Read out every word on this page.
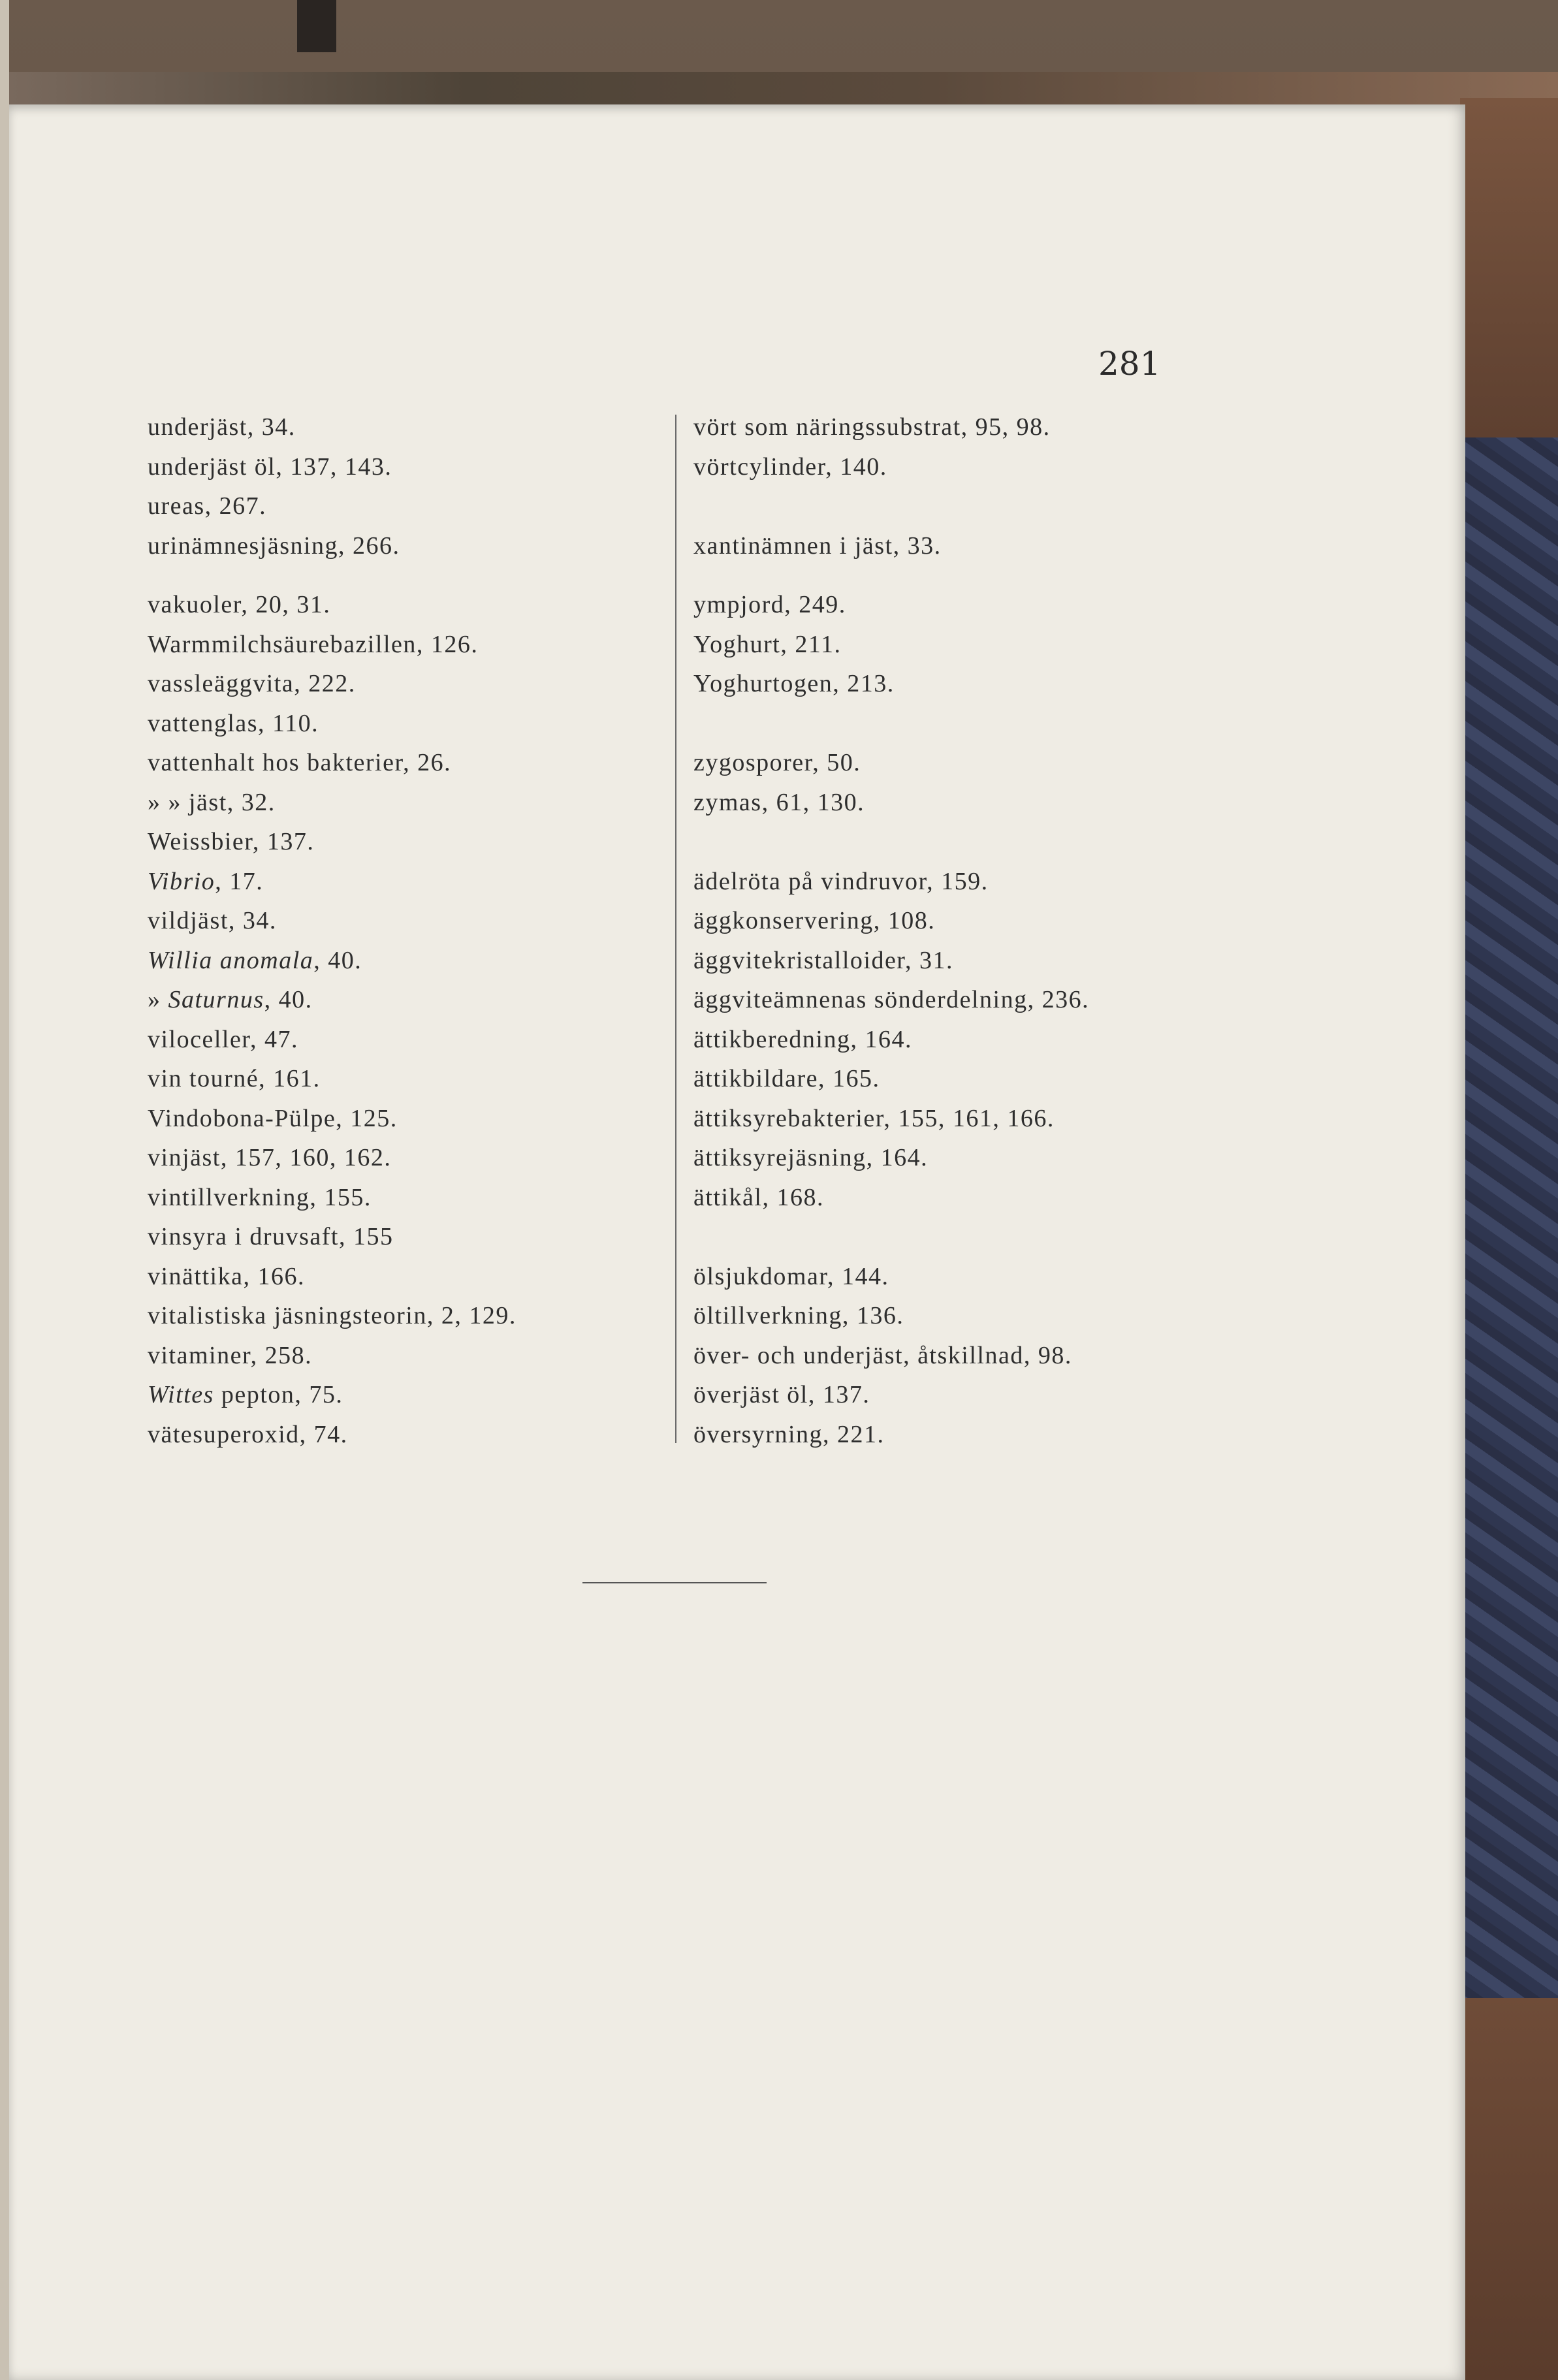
281
underjäst, 34.
underjäst öl, 137, 143.
ureas, 267.
urinämnesjäsning, 266.
vakuoler, 20, 31.
Warmmilchsäurebazillen, 126.
vassleäggvita, 222.
vattenglas, 110.
vattenhalt hos bakterier, 26.
» » jäst, 32.
Weissbier, 137.
Vibrio, 17.
vildjäst, 34.
Willia anomala, 40.
» Saturnus, 40.
viloceller, 47.
vin tourné, 161.
Vindobona-Pülpe, 125.
vinjäst, 157, 160, 162.
vintillverkning, 155.
vinsyra i druvsaft, 155
vinättika, 166.
vitalistiska jäsningsteorin, 2, 129.
vitaminer, 258.
Wittes pepton, 75.
vätesuperoxid, 74.
vört som näringssubstrat, 95, 98.
vörtcylinder, 140.
xantinämnen i jäst, 33.
ympjord, 249.
Yoghurt, 211.
Yoghurtogen, 213.
zygosporer, 50.
zymas, 61, 130.
ädelröta på vindruvor, 159.
äggkonservering, 108.
äggvitekristalloider, 31.
äggviteämnenas sönderdelning, 236.
ättikberedning, 164.
ättikbildare, 165.
ättiksyrebakterier, 155, 161, 166.
ättiksyrejäsning, 164.
ättikål, 168.
ölsjukdomar, 144.
öltillverkning, 136.
över- och underjäst, åtskillnad, 98.
överjäst öl, 137.
översyrning, 221.
